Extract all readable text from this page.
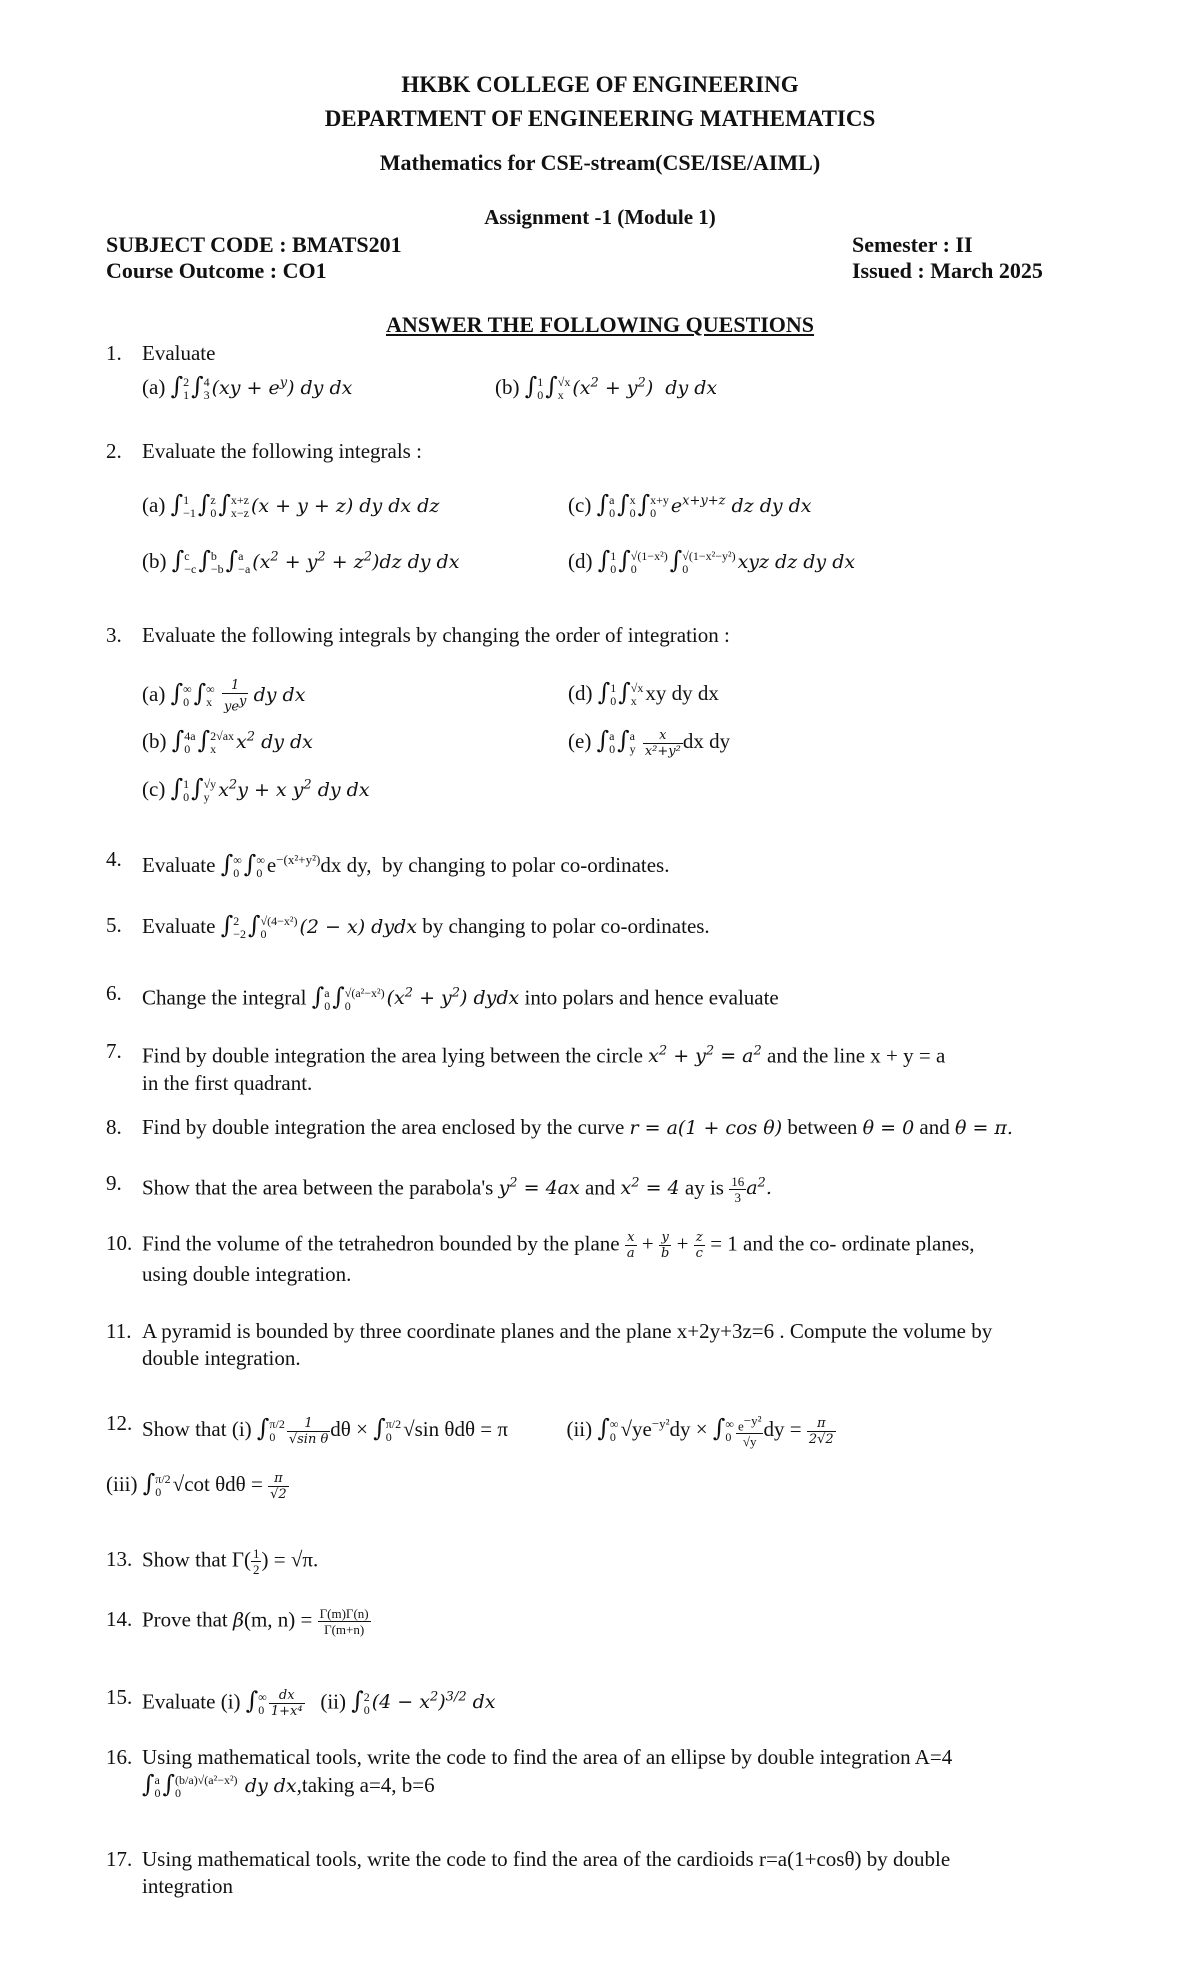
HKBK COLLEGE OF ENGINEERING
DEPARTMENT OF ENGINEERING MATHEMATICS
Mathematics for CSE-stream(CSE/ISE/AIML)
Assignment -1 (Module 1)
SUBJECT CODE : BMATS201
Course Outcome : CO1
Semester : II
Issued : March 2025
ANSWER THE FOLLOWING QUESTIONS
1. Evaluate
(a) ∫2
1∫4
3 $(xy + e^y)$ dy dx	(b) ∫1
0∫√x
x $(x^2 + y^2)$  dy dx
2. Evaluate the following integrals :
(a) ∫1
−1∫z
0∫x+z
x−z (x + y + z) dy dx dz	(c) ∫a
0∫x
0∫x+y
0 $e^{x+y+z}$ dz dy dx
(b) ∫c
−c∫b
−b∫a
−a $(x^2 + y^2 + z^2)dz$ dy dx	(d) ∫1
0∫√(1−x²)
0 ∫√(1−x²−y²)
0	xyz dz dy dx
3. Evaluate the following integrals by changing the order of integration :
(a) ∫∞
0 ∫∞
x $\frac{1}{ye^y}$ dy dx	(d) ∫1
0∫√x
x xy dy dx
(b) ∫4a
0 ∫2√ax
x $x^2$ dy dx	(e) ∫a
0∫a
y $\frac{x}{\text{x²+y²}}$ dx dy
(c) ∫1
0∫√y
y $x^2y + x$ $y^2$ dy dx
4. Evaluate ∫∞
0 ∫∞
0 $e^{-(x^2+y^2)}dx$ dy,  by changing to polar co-ordinates.
5. Evaluate ∫2
−2∫√(4−x²)
0 (2 − x) dydx by changing to polar co-ordinates.
6. Change the integral ∫a
0∫√(a²−x²)
0 $(x^2 + y^2)$ dydx into polars and hence evaluate
7. Find by double integration the area lying between the circle $x^2 + y^2 = a^2$ and the line x + y = a
in the first quadrant.
8. Find by double integration the area enclosed by the curve r = a(1 + cos θ) between θ = 0 and θ = π.
9. Show that the area between the parabola's $y^2 = 4ax$ and $x^2 = 4$ ay is $\frac{16}{3} a^2$.
10. Find the volume of the tetrahedron bounded by the plane $\frac{x}{a} + \frac{y}{b} + \frac{z}{c} = 1$ and the co- ordinate planes,
using double integration.
11. A pyramid is bounded by three coordinate planes and the plane x+2y+3z=6 . Compute the volume by
double integration.
12. Show that (i) ∫π/2
$0 \frac{1}{\text{√sin θ}}$ dθ × ∫π/2
0 √sin θdθ = π	(ii) ∫∞
0 $√ye^{-y^2}dy$ × ∫∞
$0 \frac{e^{-y^2}}{√y}$ dy = $\frac{\pi}{2√2}$
(iii) ∫π/2
0 √cot $\theta d\theta = \frac{\pi}{√2}$
13. Show that $\Gamma( \frac{1}{2}$ ) = √π.
14. Prove that β(m, $n) = \frac{\Gamma(m)\Gamma(n)}{\Gamma(m+n)}$
15. Evaluate (i) ∫∞
$0 \frac{dx}{\text{1+x⁴}} (ii)$ ∫2
0 $(4 - x^2)^{3/2}$ dx
16. Using mathematical tools, write the code to find the area of an ellipse by double integration A=4
∫a
0∫(b/a)√(a²−x²)
0	dy dx,taking a=4, b=6
17. Using mathematical tools, write the code to find the area of the cardioids r=a(1+cosθ) by double
integration
